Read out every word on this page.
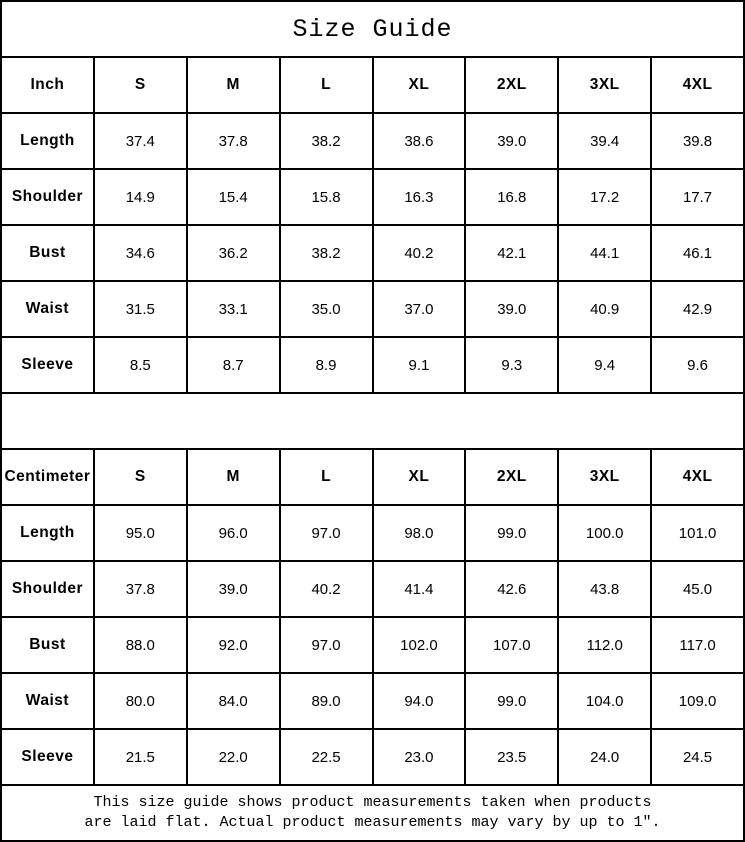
Size Guide							
Inch	S	M	L	XL	2XL	3XL	4XL
Length	37.4	37.8	38.2	38.6	39.0	39.4	39.8
Shoulder	14.9	15.4	15.8	16.3	16.8	17.2	17.7
Bust	34.6	36.2	38.2	40.2	42.1	44.1	46.1
Waist	31.5	33.1	35.0	37.0	39.0	40.9	42.9
Sleeve	8.5	8.7	8.9	9.1	9.3	9.4	9.6

Centimeter	S	M	L	XL	2XL	3XL	4XL
Length	95.0	96.0	97.0	98.0	99.0	100.0	101.0
Shoulder	37.8	39.0	40.2	41.4	42.6	43.8	45.0
Bust	88.0	92.0	97.0	102.0	107.0	112.0	117.0
Waist	80.0	84.0	89.0	94.0	99.0	104.0	109.0
Sleeve	21.5	22.0	22.5	23.0	23.5	24.0	24.5

This size guide shows product measurements taken when products
are laid flat. Actual product measurements may vary by up to 1″.							
